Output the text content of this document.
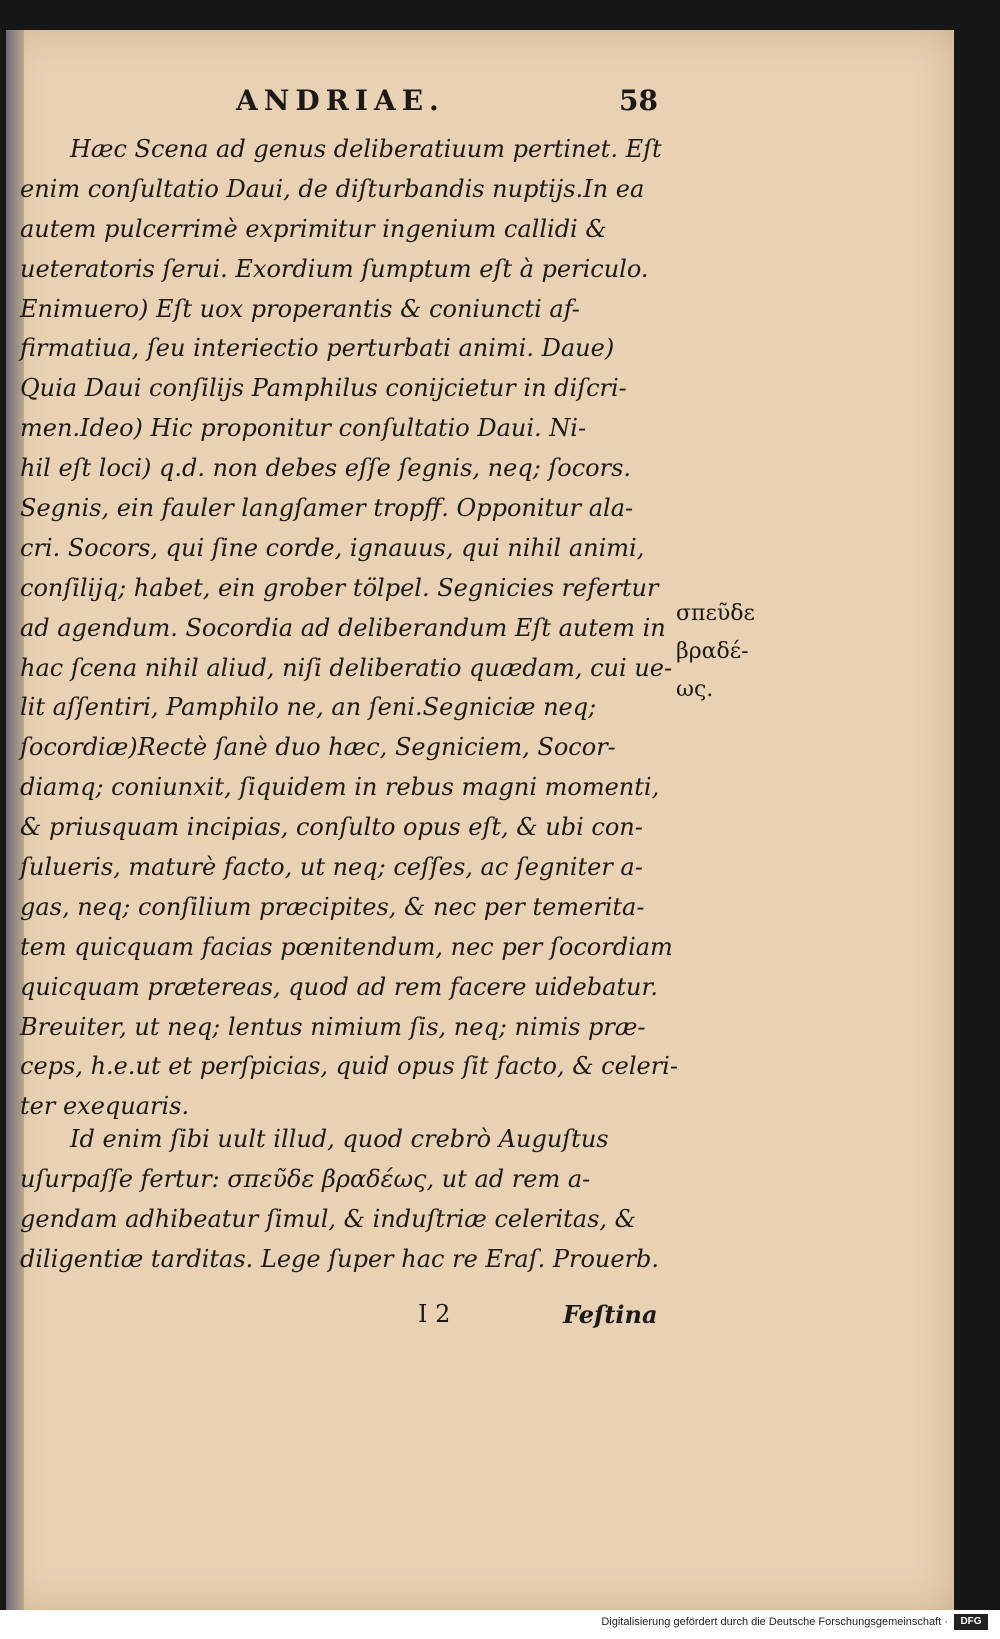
ANDRIAE.	58
Hæc Scena ad genus deliberatiuum pertinet. Eſt
enim conſultatio Daui, de diſturbandis nuptijs.In ea
autem pulcerrimè exprimitur ingenium callidi &
ueteratoris ſerui. Exordium ſumptum eſt à periculo.
Enimuero) Eſt uox properantis & coniuncti af-
firmatiua, ſeu interiectio perturbati animi. Daue)
Quia Daui conſilijs Pamphilus conijcietur in diſcri-
men.Ideo) Hic proponitur conſultatio Daui. Ni-
hil eſt loci) q.d. non debes eſſe ſegnis, neq; ſocors.
Segnis, ein fauler langſamer tropff. Opponitur ala-
cri. Socors, qui ſine corde, ignauus, qui nihil animi,
conſilijq; habet, ein grober tölpel. Segnicies refertur
ad agendum. Socordia ad deliberandum Eſt autem in
hac ſcena nihil aliud, niſi deliberatio quædam, cui ue-
lit aſſentiri, Pamphilo ne, an ſeni.Segniciæ neq;
ſocordiæ)Rectè ſanè duo hæc, Segniciem, Socor-
diamq; coniunxit, ſiquidem in rebus magni momenti,
& priusquam incipias, conſulto opus eſt, & ubi con-
ſulueris, maturè facto, ut neq; ceſſes, ac ſegniter a-
gas, neq; conſilium præcipites, & nec per temerita-
tem quicquam facias pœnitendum, nec per ſocordiam
quicquam prætereas, quod ad rem facere uidebatur.
Breuiter, ut neq; lentus nimium ſis, neq; nimis præ-
ceps, h.e.ut et perſpicias, quid opus ſit facto, & celeri-
ter exequaris.
Id enim ſibi uult illud, quod crebrò Auguſtus
uſurpaſſe fertur: σπεῦδε βραδέως, ut ad rem a-
gendam adhibeatur ſimul, & induſtriæ celeritas, &
diligentiæ tarditas. Lege ſuper hac re Eraſ. Prouerb.
σπεῦδε
βραδέ-
ως.
I 2	Feſtina
Digitalisierung gefördert durch die Deutsche Forschungsgemeinschaft ·	DFG
